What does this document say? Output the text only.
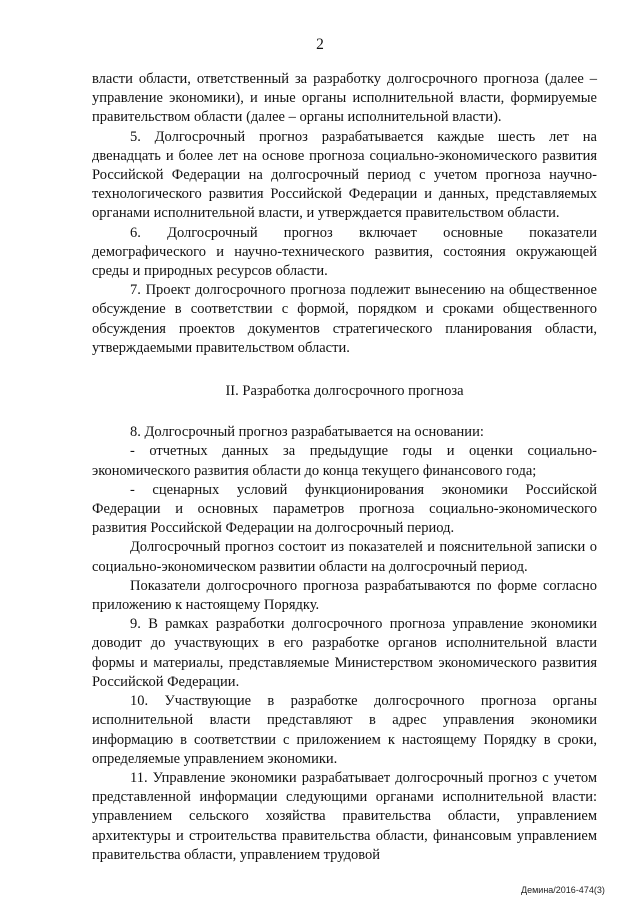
2

власти области, ответственный за разработку долгосрочного прогноза (далее – управление экономики), и иные органы исполнительной власти, формируемые правительством области (далее – органы исполнительной власти).

5. Долгосрочный прогноз разрабатывается каждые шесть лет на двенадцать и более лет на основе прогноза социально-экономического развития Российской Федерации на долгосрочный период с учетом прогноза научно-технологического развития Российской Федерации и данных, представляемых органами исполнительной власти, и утверждается правительством области.

6. Долгосрочный прогноз включает основные показатели демографического и научно-технического развития, состояния окружающей среды и природных ресурсов области.

7. Проект долгосрочного прогноза подлежит вынесению на общественное обсуждение в соответствии с формой, порядком и сроками общественного обсуждения проектов документов стратегического планирования области, утверждаемыми правительством области.

II. Разработка долгосрочного прогноза

8. Долгосрочный прогноз разрабатывается на основании:

- отчетных данных за предыдущие годы и оценки социально-экономического развития области до конца текущего финансового года;

- сценарных условий функционирования экономики Российской Федерации и основных параметров прогноза социально-экономического развития Российской Федерации на долгосрочный период.

Долгосрочный прогноз состоит из показателей и пояснительной записки о социально-экономическом развитии области на долгосрочный период.

Показатели долгосрочного прогноза разрабатываются по форме согласно приложению к настоящему Порядку.

9. В рамках разработки долгосрочного прогноза управление экономики доводит до участвующих в его разработке органов исполнительной власти формы и материалы, представляемые Министерством экономического развития Российской Федерации.

10. Участвующие в разработке долгосрочного прогноза органы исполнительной власти представляют в адрес управления экономики информацию в соответствии с приложением к настоящему Порядку в сроки, определяемые управлением экономики.

11. Управление экономики разрабатывает долгосрочный прогноз с учетом представленной информации следующими органами исполнительной власти: управлением сельского хозяйства правительства области, управлением архитектуры и строительства правительства области, финансовым управлением правительства области, управлением трудовой

Демина/2016-474(3)
